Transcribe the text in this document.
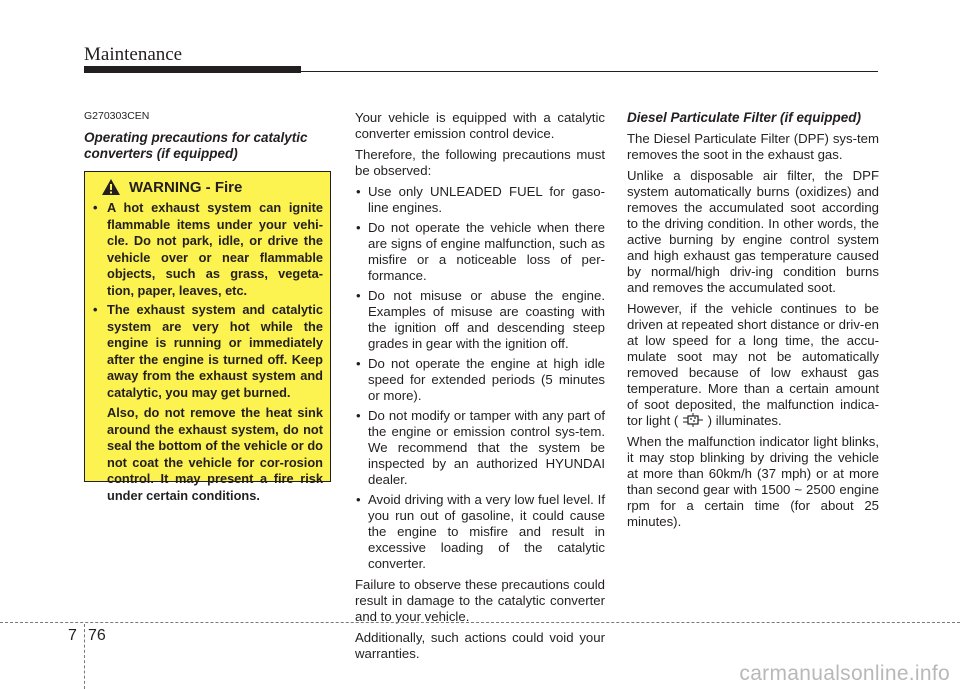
Maintenance
G270303CEN
Operating precautions for catalytic converters (if equipped)
WARNING - Fire
• A hot exhaust system can ignite flammable items under your vehi-cle. Do not park, idle, or drive the vehicle over or near flammable objects, such as grass, vegeta-tion, paper, leaves, etc.
• The exhaust system and catalytic system are very hot while the engine is running or immediately after the engine is turned off. Keep away from the exhaust system and catalytic, you may get burned.
Also, do not remove the heat sink around the exhaust system, do not seal the bottom of the vehicle or do not coat the vehicle for cor-rosion control. It may present a fire risk under certain conditions.

Your vehicle is equipped with a catalytic converter emission control device.

Therefore, the following precautions must be observed:

• Use only UNLEADED FUEL for gaso-line engines.
• Do not operate the vehicle when there are signs of engine malfunction, such as misfire or a noticeable loss of per-formance.
• Do not misuse or abuse the engine. Examples of misuse are coasting with the ignition off and descending steep grades in gear with the ignition off.
• Do not operate the engine at high idle speed for extended periods (5 minutes or more).
• Do not modify or tamper with any part of the engine or emission control sys-tem. We recommend that the system be inspected by an authorized HYUNDAI dealer.
• Avoid driving with a very low fuel level. If you run out of gasoline, it could cause the engine to misfire and result in excessive loading of the catalytic converter.

Failure to observe these precautions could result in damage to the catalytic converter and to your vehicle.

Additionally, such actions could void your warranties.

Diesel Particulate Filter (if equipped)

The Diesel Particulate Filter (DPF) sys-tem removes the soot in the exhaust gas.

Unlike a disposable air filter, the DPF system automatically burns (oxidizes) and removes the accumulated soot according to the driving condition. In other words, the active burning by engine control system and high exhaust gas temperature caused by normal/high driv-ing condition burns and removes the accumulated soot.

However, if the vehicle continues to be driven at repeated short distance or driv-en at low speed for a long time, the accu-mulate soot may not be automatically removed because of low exhaust gas temperature. More than a certain amount of soot deposited, the malfunction indica-tor light ( ) illuminates.

When the malfunction indicator light blinks, it may stop blinking by driving the vehicle at more than 60km/h (37 mph) or at more than second gear with 1500 ~ 2500 engine rpm for a certain time (for about 25 minutes).

7 76
carmanualsonline.info
